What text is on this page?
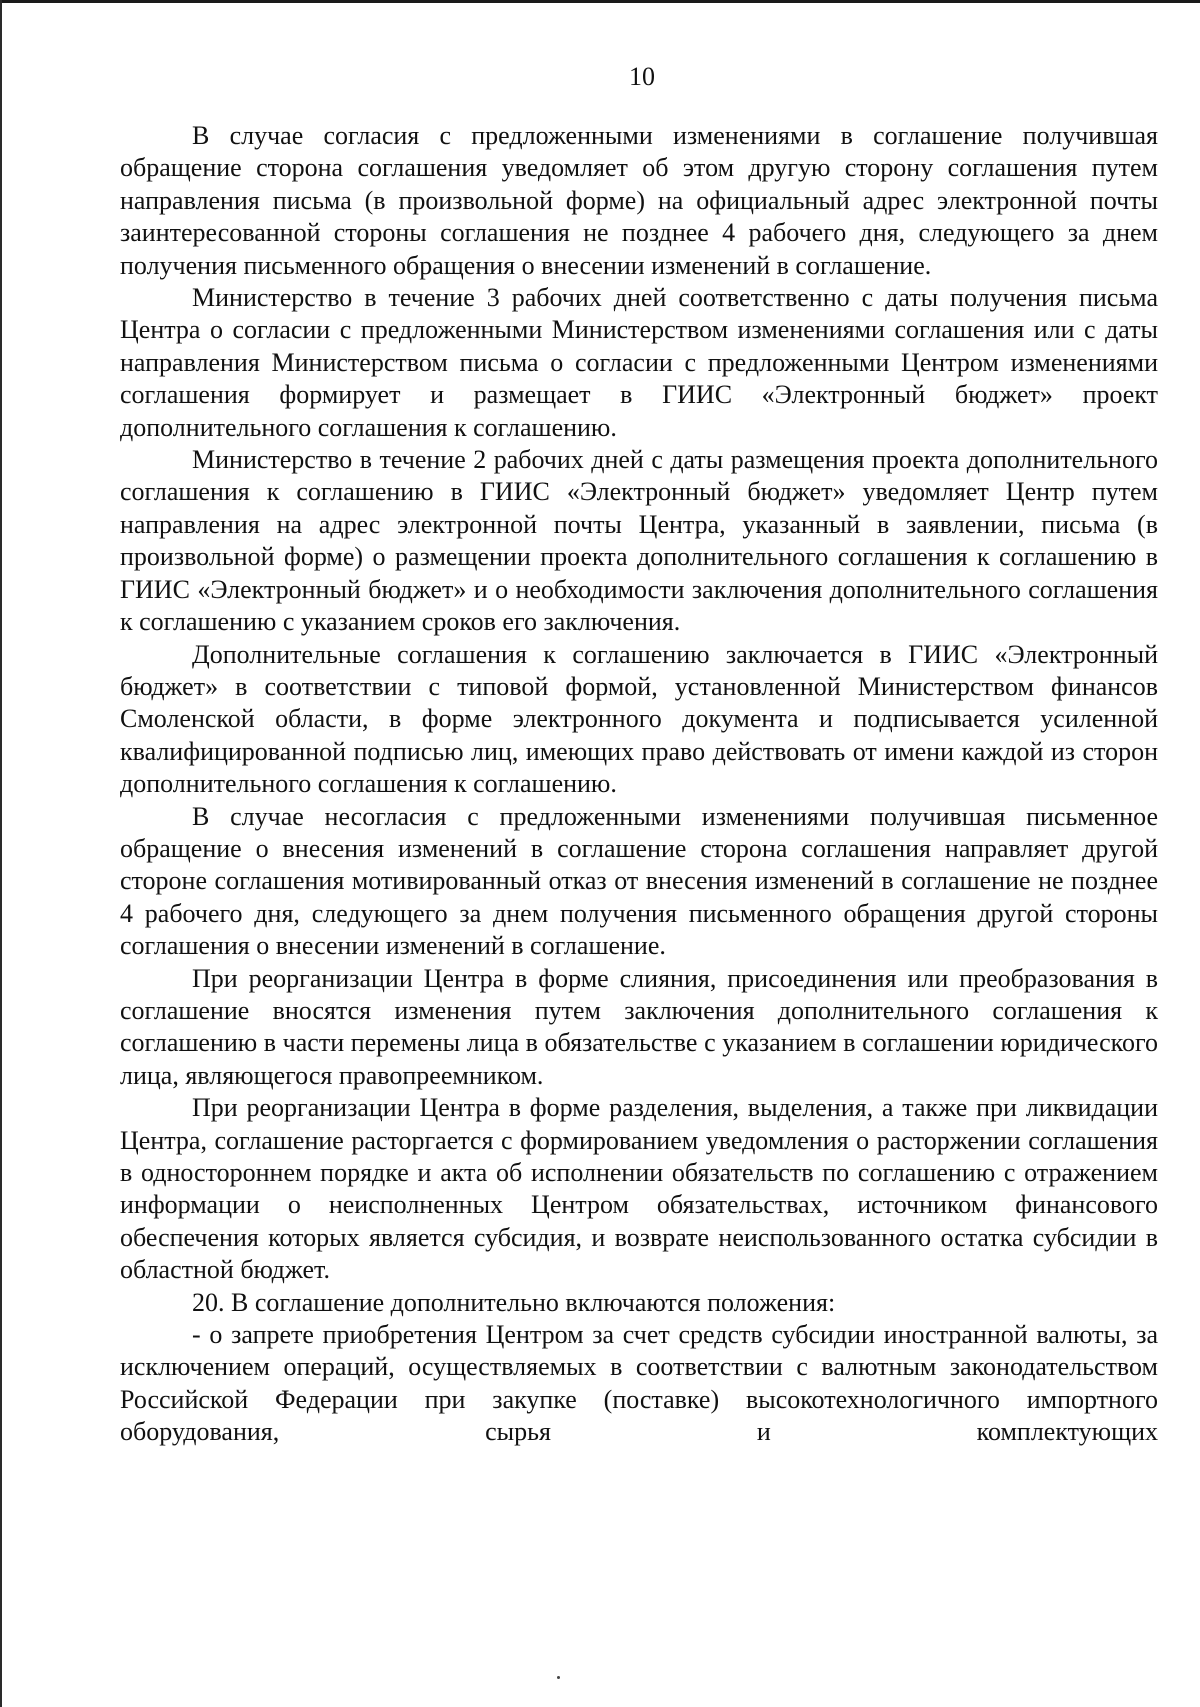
10

В случае согласия с предложенными изменениями в соглашение получившая обращение сторона соглашения уведомляет об этом другую сторону соглашения путем направления письма (в произвольной форме) на официальный адрес электронной почты заинтересованной стороны соглашения не позднее 4 рабочего дня, следующего за днем получения письменного обращения о внесении изменений в соглашение.

Министерство в течение 3 рабочих дней соответственно с даты получения письма Центра о согласии с предложенными Министерством изменениями соглашения или с даты направления Министерством письма о согласии с предложенными Центром изменениями соглашения формирует и размещает в ГИИС «Электронный бюджет» проект дополнительного соглашения к соглашению.

Министерство в течение 2 рабочих дней с даты размещения проекта дополнительного соглашения к соглашению в ГИИС «Электронный бюджет» уведомляет Центр путем направления на адрес электронной почты Центра, указанный в заявлении, письма (в произвольной форме) о размещении проекта дополнительного соглашения к соглашению в ГИИС «Электронный бюджет» и о необходимости заключения дополнительного соглашения к соглашению с указанием сроков его заключения.

Дополнительные соглашения к соглашению заключается в ГИИС «Электронный бюджет» в соответствии с типовой формой, установленной Министерством финансов Смоленской области, в форме электронного документа и подписывается усиленной квалифицированной подписью лиц, имеющих право действовать от имени каждой из сторон дополнительного соглашения к соглашению.

В случае несогласия с предложенными изменениями получившая письменное обращение о внесения изменений в соглашение сторона соглашения направляет другой стороне соглашения мотивированный отказ от внесения изменений в соглашение не позднее 4 рабочего дня, следующего за днем получения письменного обращения другой стороны соглашения о внесении изменений в соглашение.

При реорганизации Центра в форме слияния, присоединения или преобразования в соглашение вносятся изменения путем заключения дополнительного соглашения к соглашению в части перемены лица в обязательстве с указанием в соглашении юридического лица, являющегося правопреемником.

При реорганизации Центра в форме разделения, выделения, а также при ликвидации Центра, соглашение расторгается с формированием уведомления о расторжении соглашения в одностороннем порядке и акта об исполнении обязательств по соглашению с отражением информации о неисполненных Центром обязательствах, источником финансового обеспечения которых является субсидия, и возврате неиспользованного остатка субсидии в областной бюджет.

20. В соглашение дополнительно включаются положения:

- о запрете приобретения Центром за счет средств субсидии иностранной валюты, за исключением операций, осуществляемых в соответствии с валютным законодательством Российской Федерации при закупке (поставке) высокотехнологичного импортного оборудования, сырья и комплектующих
